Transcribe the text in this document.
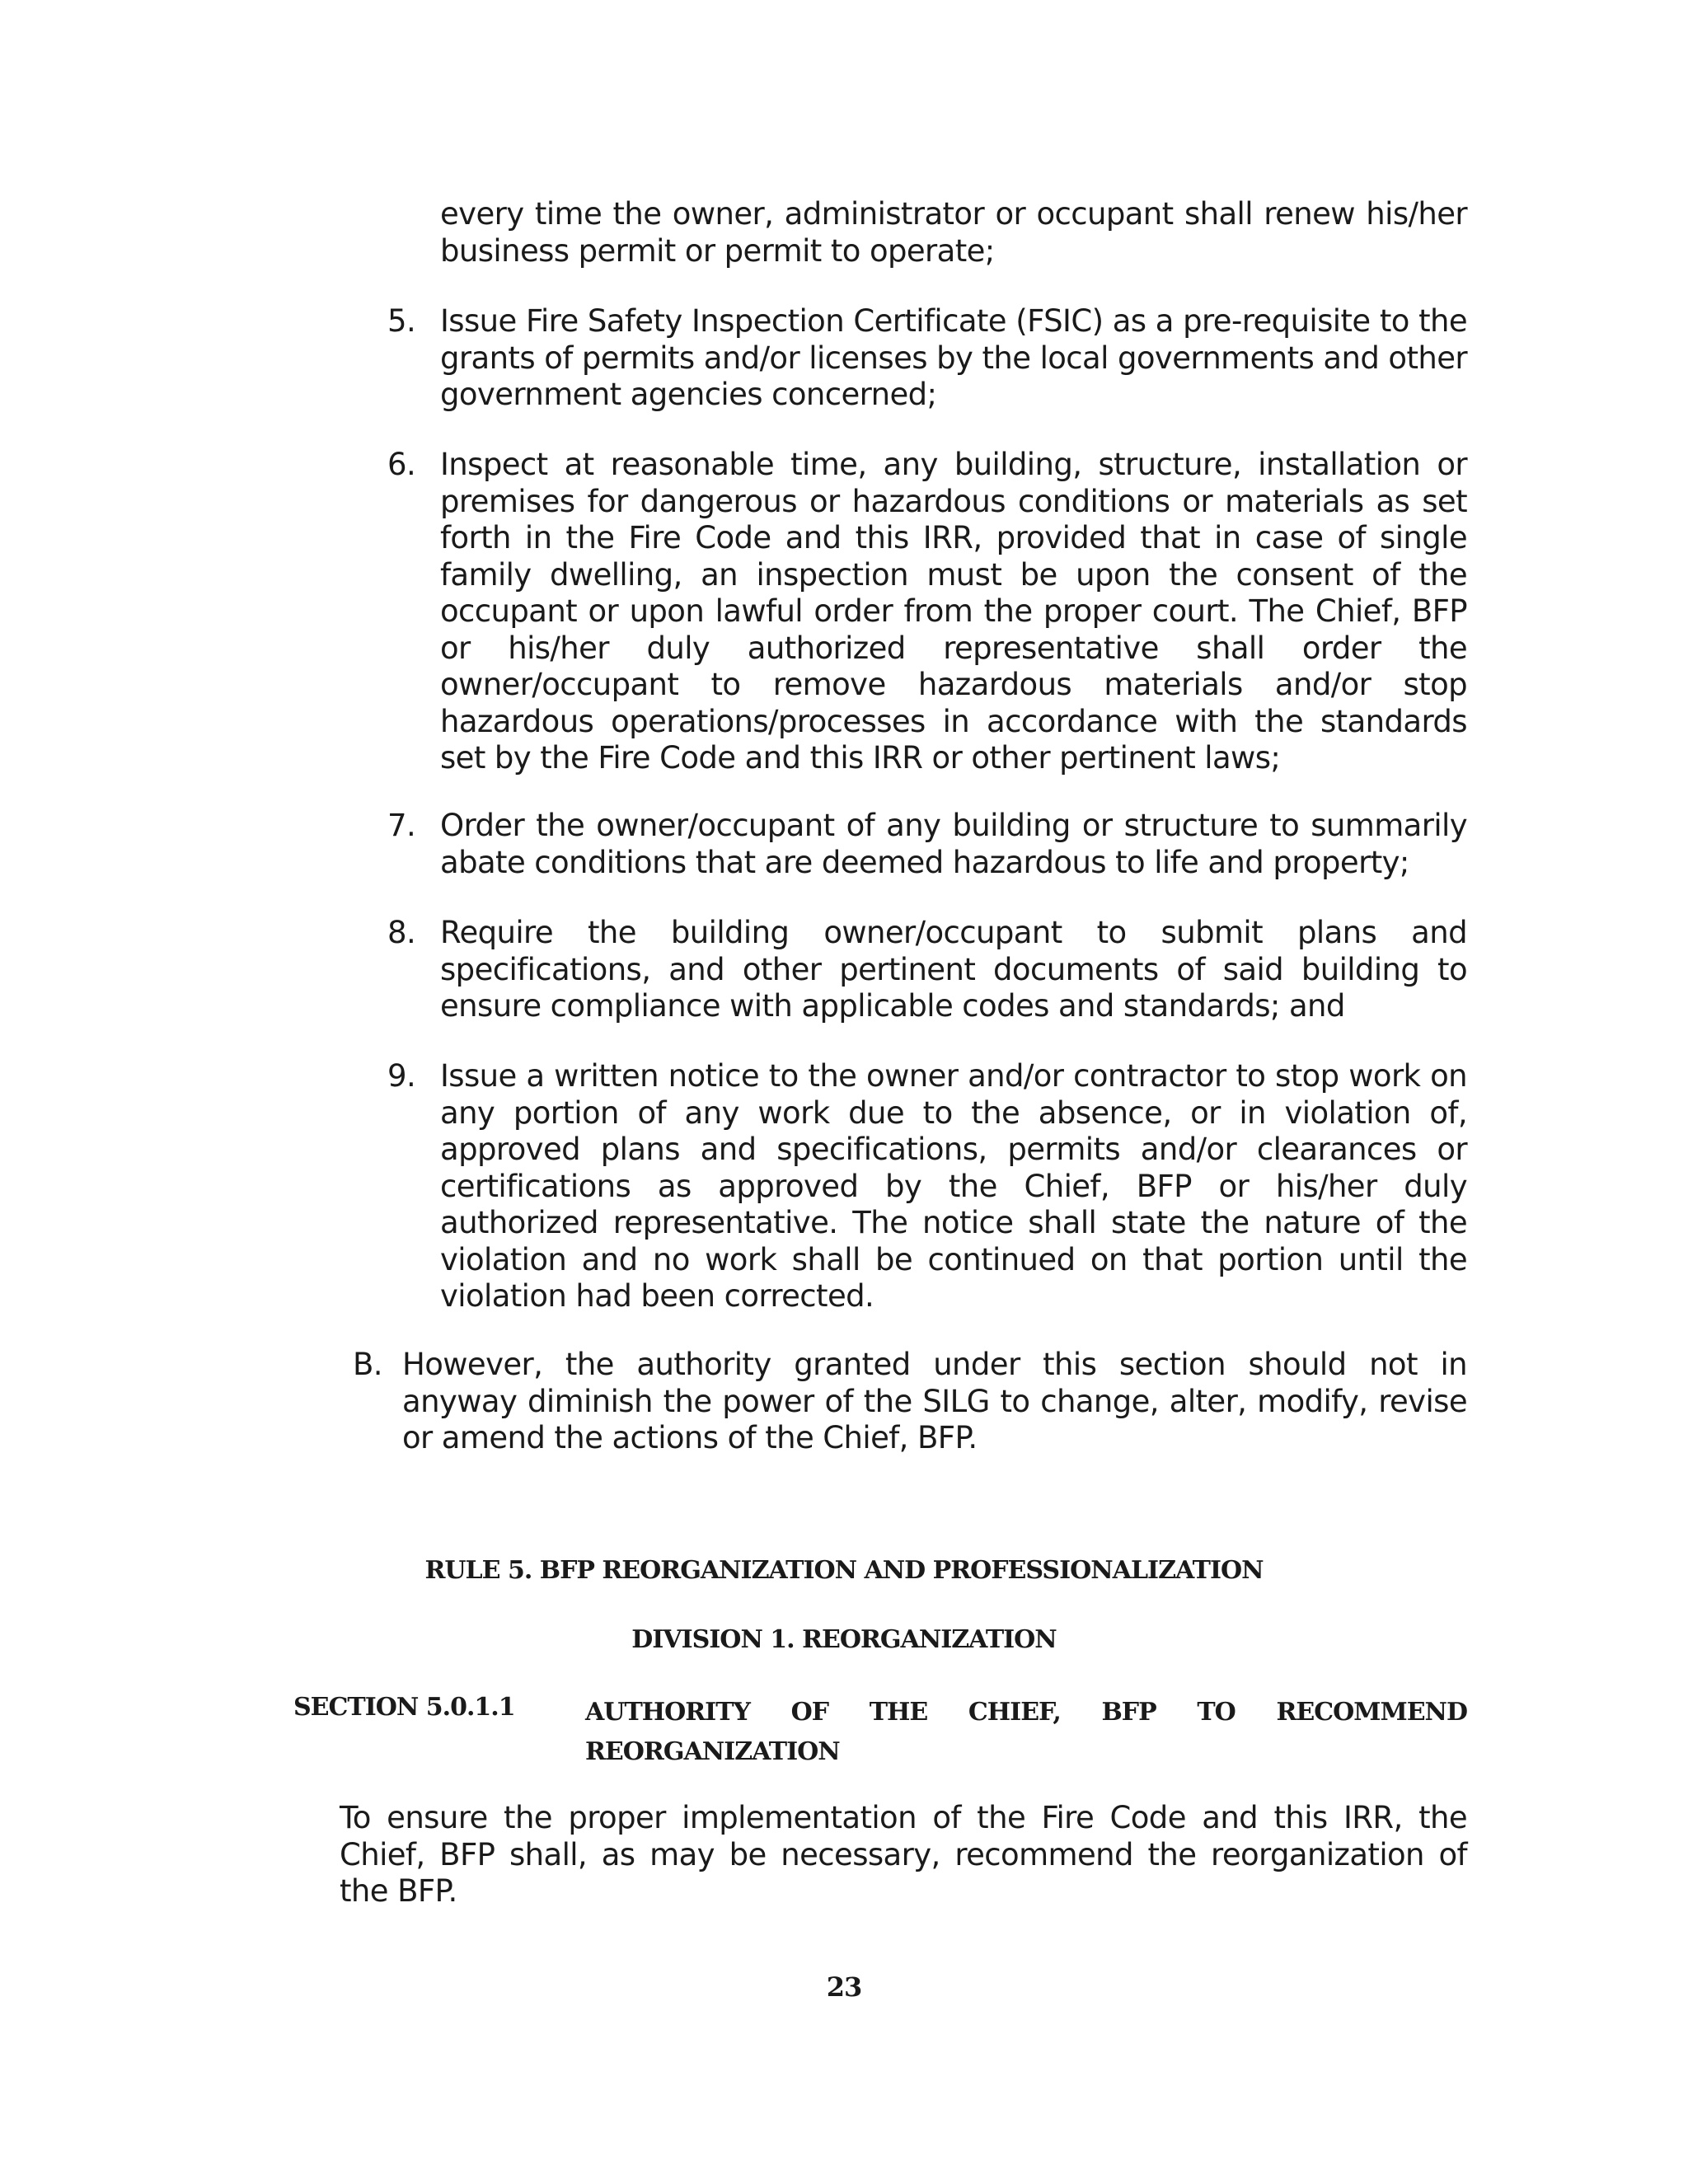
every time the owner, administrator or occupant shall renew his/her business permit or permit to operate;
5. Issue Fire Safety Inspection Certificate (FSIC) as a pre-requisite to the grants of permits and/or licenses by the local governments and other government agencies concerned;
6. Inspect at reasonable time, any building, structure, installation or premises for dangerous or hazardous conditions or materials as set forth in the Fire Code and this IRR, provided that in case of single family dwelling, an inspection must be upon the consent of the occupant or upon lawful order from the proper court. The Chief, BFP or his/her duly authorized representative shall order the owner/occupant to remove hazardous materials and/or stop hazardous operations/processes in accordance with the standards set by the Fire Code and this IRR or other pertinent laws;
7. Order the owner/occupant of any building or structure to summarily abate conditions that are deemed hazardous to life and property;
8. Require the building owner/occupant to submit plans and specifications, and other pertinent documents of said building to ensure compliance with applicable codes and standards; and
9. Issue a written notice to the owner and/or contractor to stop work on any portion of any work due to the absence, or in violation of, approved plans and specifications, permits and/or clearances or certifications as approved by the Chief, BFP or his/her duly authorized representative. The notice shall state the nature of the violation and no work shall be continued on that portion until the violation had been corrected.
B. However, the authority granted under this section should not in anyway diminish the power of the SILG to change, alter, modify, revise or amend the actions of the Chief, BFP.
RULE 5. BFP REORGANIZATION AND PROFESSIONALIZATION
DIVISION 1. REORGANIZATION
SECTION 5.0.1.1	AUTHORITY OF THE CHIEF, BFP TO RECOMMEND
REORGANIZATION
To ensure the proper implementation of the Fire Code and this IRR, the Chief, BFP shall, as may be necessary, recommend the reorganization of the BFP.
23
